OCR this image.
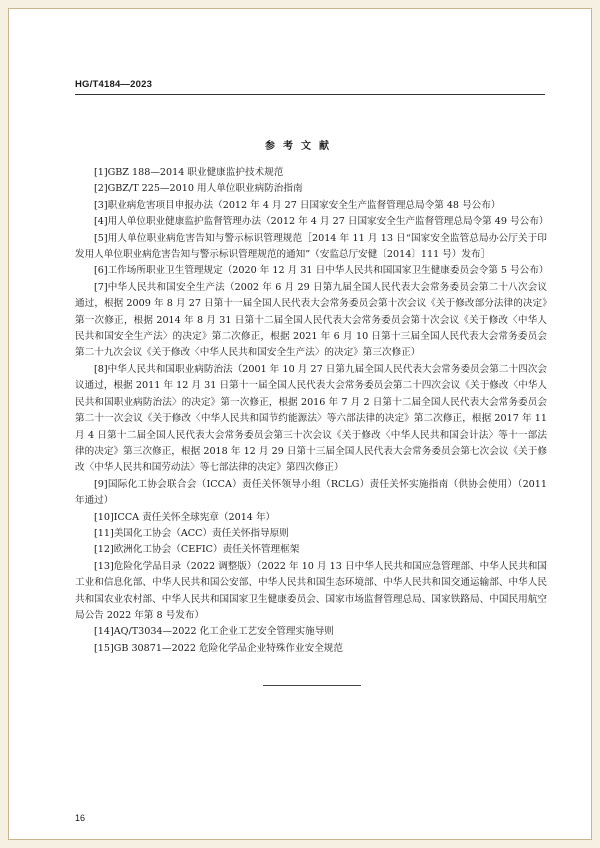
HG/T4184—2023
参考文献

[1]GBZ 188—2014 职业健康监护技术规范

[2]GBZ/T 225—2010 用人单位职业病防治指南

[3]职业病危害项目申报办法（2012 年 4 月 27 日国家安全生产监督管理总局令第 48 号公布）

[4]用人单位职业健康监护监督管理办法（2012 年 4 月 27 日国家安全生产监督管理总局令第 49 号公布）

[5]用人单位职业病危害告知与警示标识管理规范［2014 年 11 月 13 日“国家安全监管总局办公厅关于印发用人单位职业病危害告知与警示标识管理规范的通知”（安监总厅安健〔2014〕111 号）发布］

[6]工作场所职业卫生管理规定（2020 年 12 月 31 日中华人民共和国国家卫生健康委员会令第 5 号公布）

[7]中华人民共和国安全生产法（2002 年 6 月 29 日第九届全国人民代表大会常务委员会第二十八次会议通过，根据 2009 年 8 月 27 日第十一届全国人民代表大会常务委员会第十次会议《关于修改部分法律的决定》第一次修正，根据 2014 年 8 月 31 日第十二届全国人民代表大会常务委员会第十次会议《关于修改〈中华人民共和国安全生产法〉的决定》第二次修正，根据 2021 年 6 月 10 日第十三届全国人民代表大会常务委员会第二十九次会议《关于修改〈中华人民共和国安全生产法〉的决定》第三次修正）

[8]中华人民共和国职业病防治法（2001 年 10 月 27 日第九届全国人民代表大会常务委员会第二十四次会议通过，根据 2011 年 12 月 31 日第十一届全国人民代表大会常务委员会第二十四次会议《关于修改〈中华人民共和国职业病防治法〉的决定》第一次修正，根据 2016 年 7 月 2 日第十二届全国人民代表大会常务委员会第二十一次会议《关于修改〈中华人民共和国节约能源法〉等六部法律的决定》第二次修正，根据 2017 年 11 月 4 日第十二届全国人民代表大会常务委员会第三十次会议《关于修改〈中华人民共和国会计法〉等十一部法律的决定》第三次修正，根据 2018 年 12 月 29 日第十三届全国人民代表大会常务委员会第七次会议《关于修改〈中华人民共和国劳动法〉等七部法律的决定》第四次修正）

[9]国际化工协会联合会（ICCA）责任关怀领导小组（RCLG）责任关怀实施指南（供协会使用）（2011 年通过）

[10]ICCA 责任关怀全球宪章（2014 年）

[11]美国化工协会（ACC）责任关怀指导原则

[12]欧洲化工协会（CEFIC）责任关怀管理框架

[13]危险化学品目录（2022 调整版）（2022 年 10 月 13 日中华人民共和国应急管理部、中华人民共和国工业和信息化部、中华人民共和国公安部、中华人民共和国生态环境部、中华人民共和国交通运输部、中华人民共和国农业农村部、中华人民共和国国家卫生健康委员会、国家市场监督管理总局、国家铁路局、中国民用航空局公告 2022 年第 8 号发布）

[14]AQ/T3034—2022 化工企业工艺安全管理实施导则

[15]GB 30871—2022 危险化学品企业特殊作业安全规范

16
